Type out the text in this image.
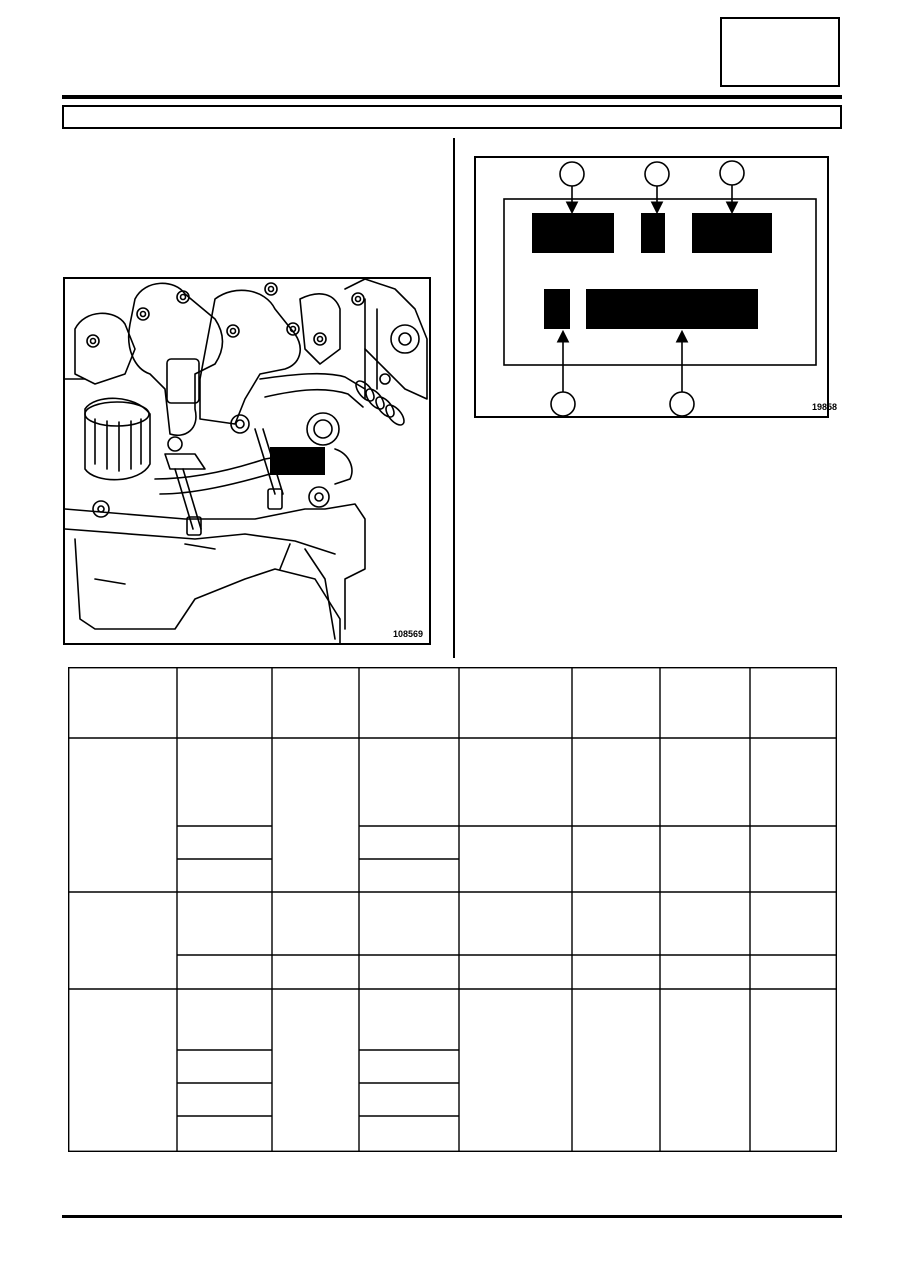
108569
19858
